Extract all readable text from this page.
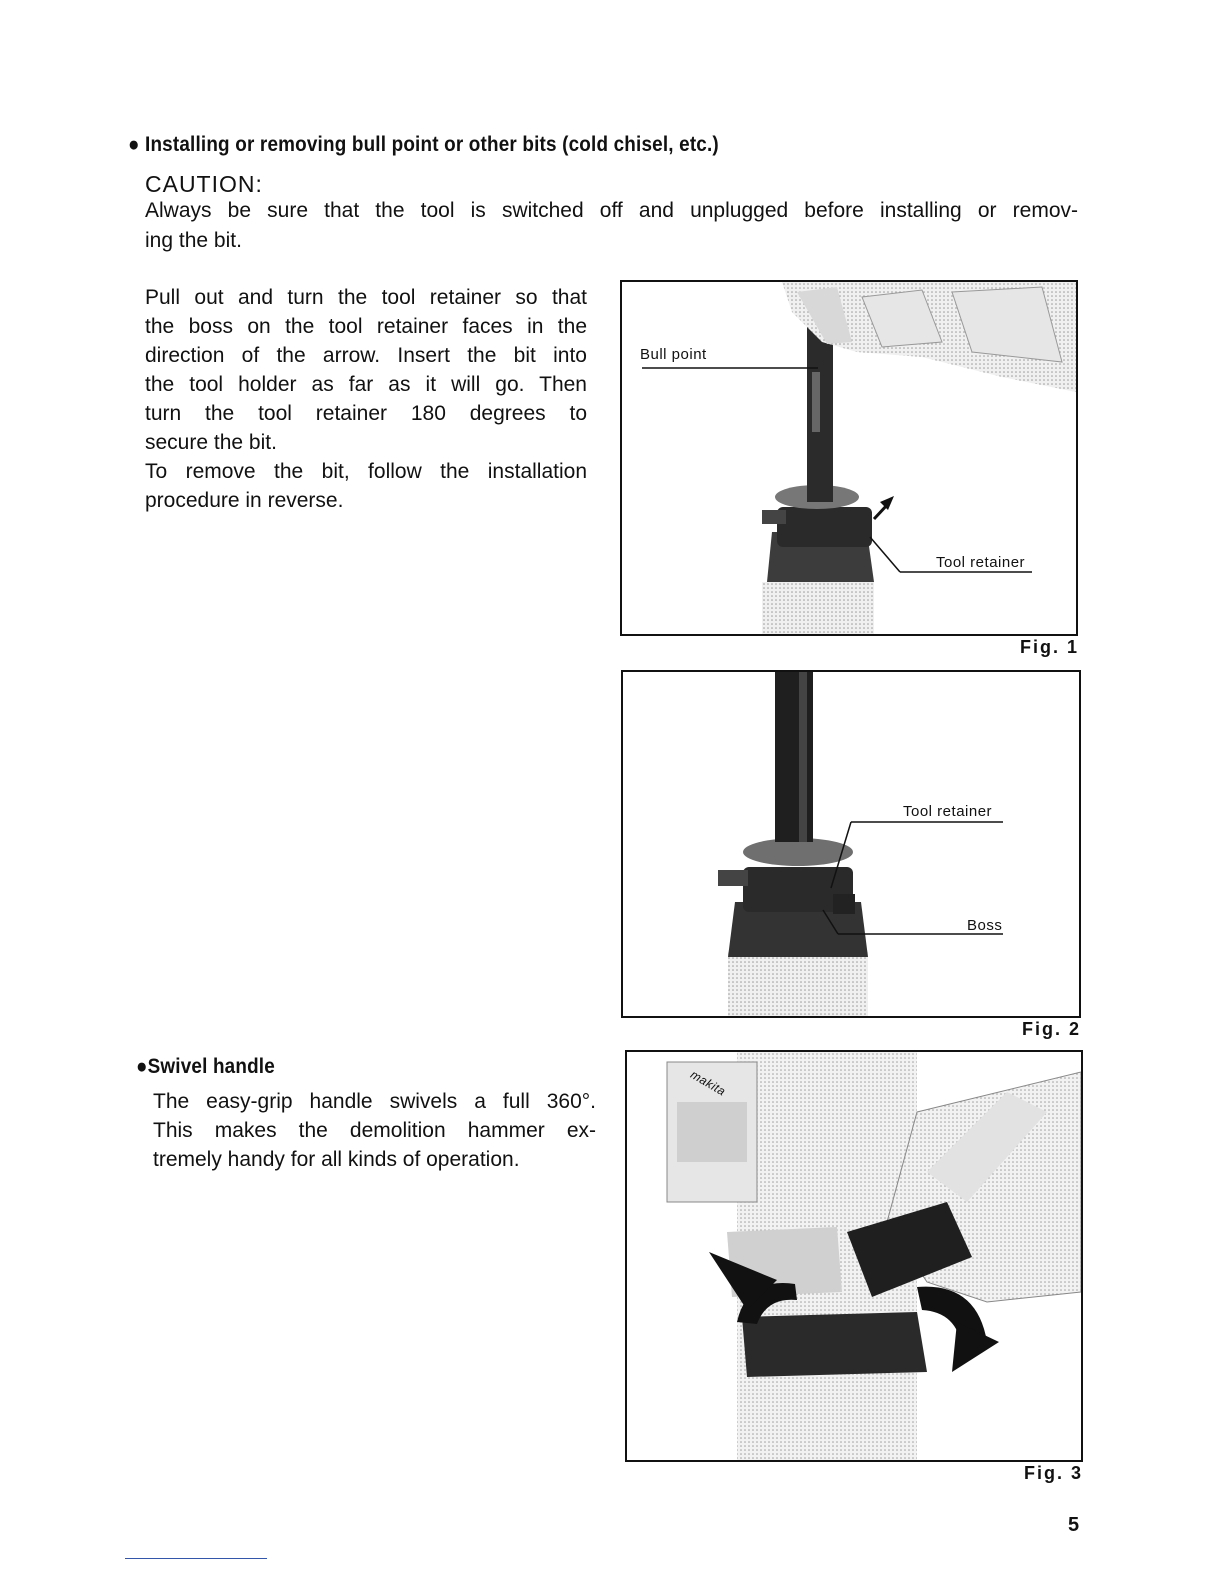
● Installing or removing bull point or other bits (cold chisel, etc.)
CAUTION:
Always be sure that the tool is switched off and unplugged before installing or remov-
ing the bit.

Pull out and turn the tool retainer so that

the boss on the tool retainer faces in the

direction of the arrow. Insert the bit into

the tool holder as far as it will go. Then

turn the tool retainer 180 degrees to

secure the bit.

To remove the bit, follow the installation

procedure in reverse.

Bull point
Tool retainer
Fig. 1
Tool retainer
Boss
Fig. 2
●Swivel handle

The easy-grip handle swivels a full 360°.

This makes the demolition hammer ex-

tremely handy for all kinds of operation.

makita
Fig. 3
5
